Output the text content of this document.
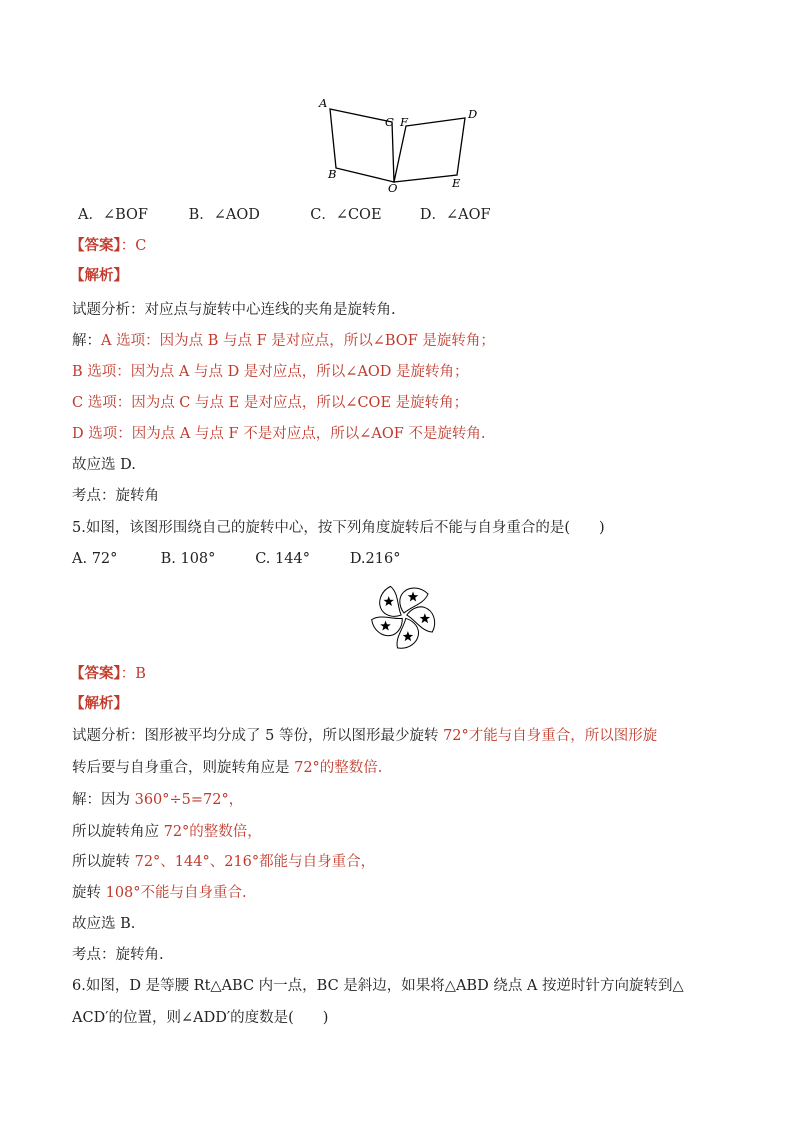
A
B
C F
D
E
O
A．∠BOF	B．∠AOD	C．∠COE	D．∠AOF
【答案】：C
【解析】
试题分析：对应点与旋转中心连线的夹角是旋转角.
解：A 选项：因为点 B 与点 F 是对应点，所以∠BOF 是旋转角；
B 选项：因为点 A 与点 D 是对应点，所以∠AOD 是旋转角；
C 选项：因为点 C 与点 E 是对应点，所以∠COE 是旋转角；
D 选项：因为点 A 与点 F 不是对应点，所以∠AOF 不是旋转角.
故应选 D.
考点：旋转角
5.如图，该图形围绕自己的旋转中心，按下列角度旋转后不能与自身重合的是(　　)
A. 72°	B. 108°	C. 144°	D.216°
【答案】：B
【解析】
试题分析：图形被平均分成了 5 等份，所以图形最少旋转 72°才能与自身重合，所以图形旋
转后要与自身重合，则旋转角应是 72°的整数倍.
解：因为 360°÷5=72°，
所以旋转角应 72°的整数倍，
所以旋转 72°、144°、216°都能与自身重合，
旋转 108°不能与自身重合.
故应选 B.
考点：旋转角.
6.如图，D 是等腰 Rt△ABC 内一点，BC 是斜边，如果将△ABD 绕点 A 按逆时针方向旋转到△
ACD′的位置，则∠ADD′的度数是(　　)
